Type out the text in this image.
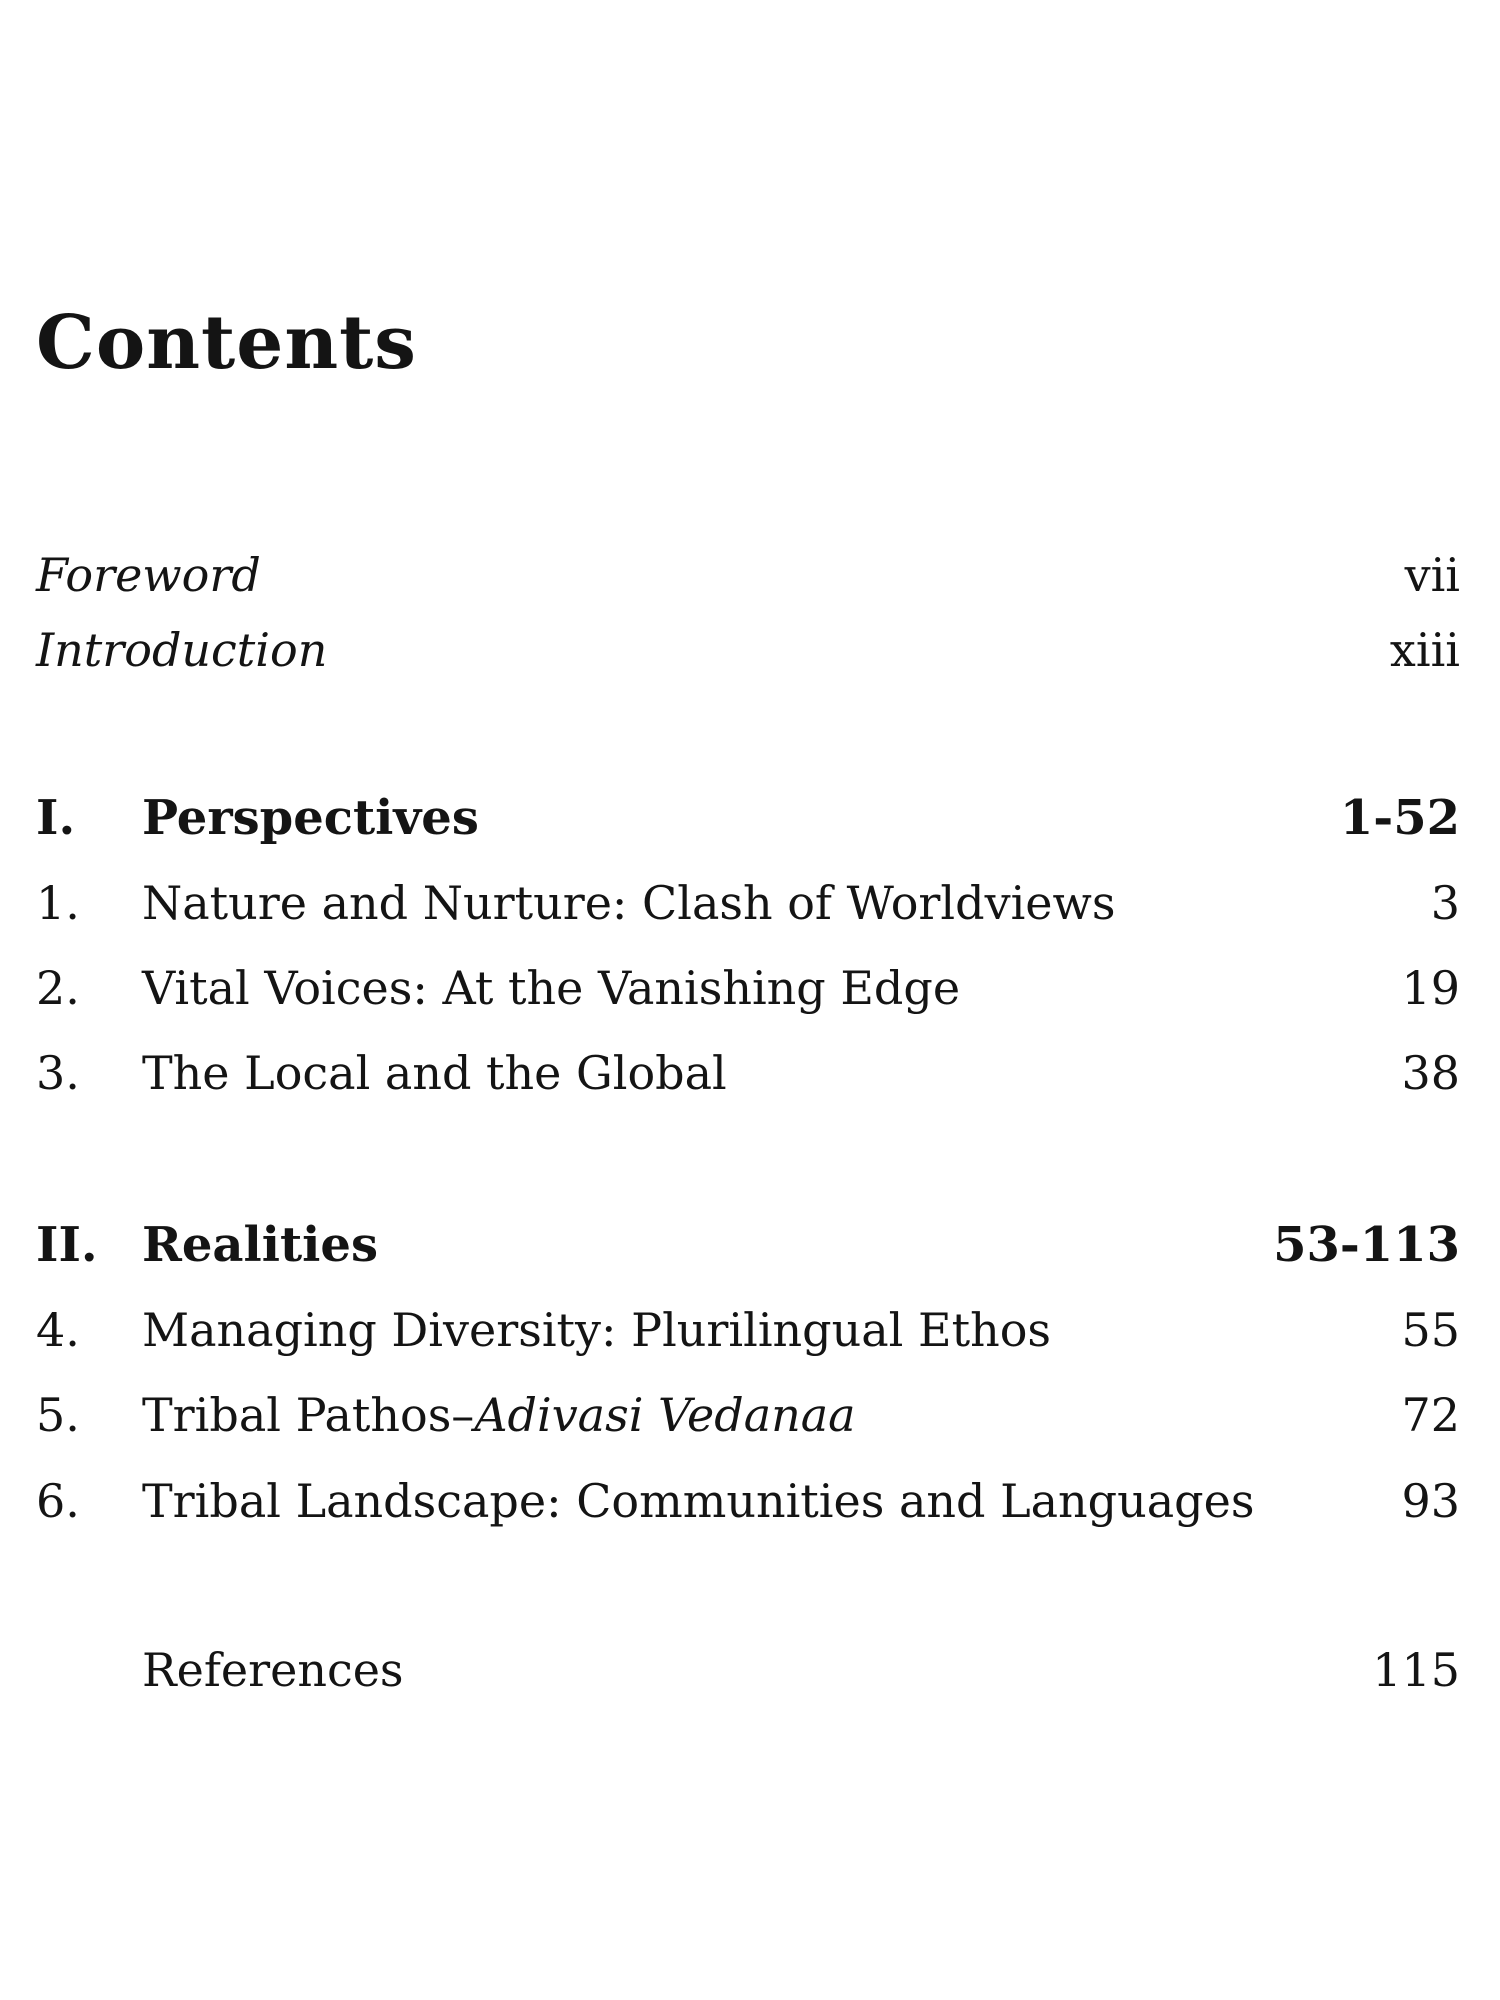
Contents
Foreword	vii
Introduction	xiii
I.	Perspectives	1-52
1.	Nature and Nurture: Clash of Worldviews	3
2.	Vital Voices: At the Vanishing Edge	19
3.	The Local and the Global	38
II. Realities	53-113
4.	Managing Diversity: Plurilingual Ethos	55
5.	Tribal Pathos–Adivasi Vedanaa	72
6.	Tribal Landscape: Communities and Languages	93
References	115
